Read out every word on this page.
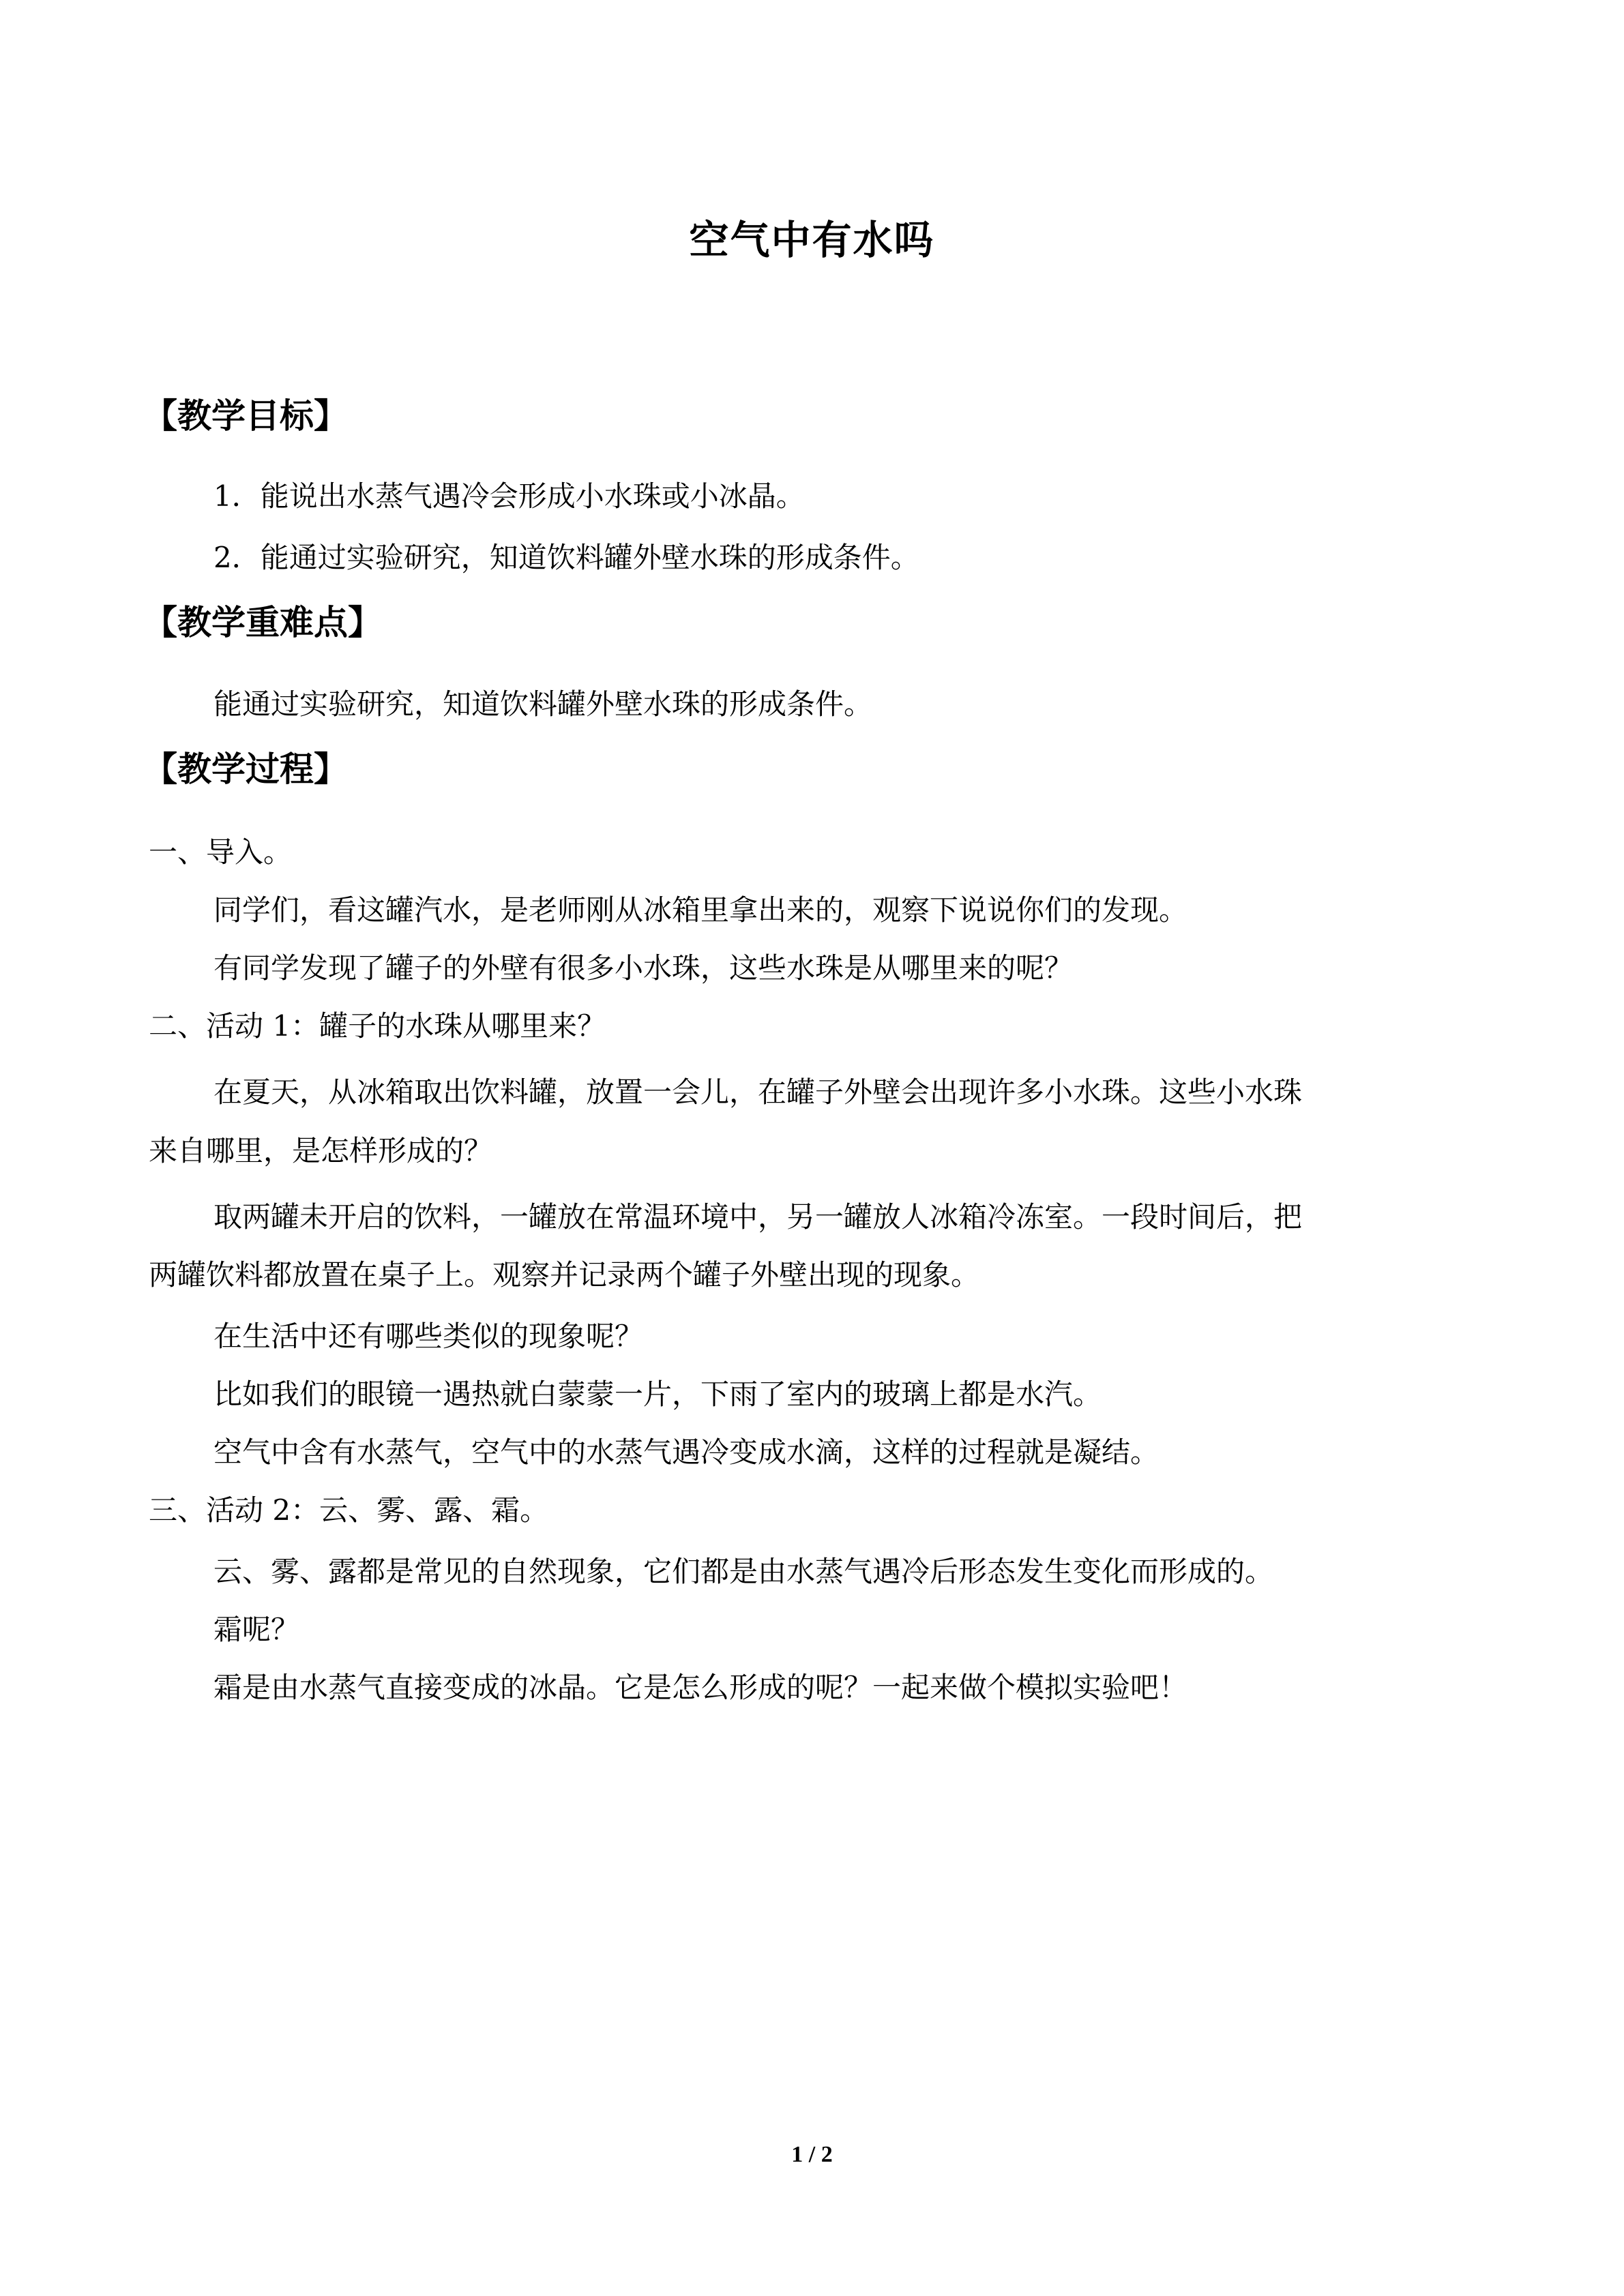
空气中有水吗
【教学目标】
1．能说出水蒸气遇冷会形成小水珠或小冰晶。
2．能通过实验研究，知道饮料罐外壁水珠的形成条件。
【教学重难点】
能通过实验研究，知道饮料罐外壁水珠的形成条件。
【教学过程】
一、导入。
同学们，看这罐汽水，是老师刚从冰箱里拿出来的，观察下说说你们的发现。
有同学发现了罐子的外壁有很多小水珠，这些水珠是从哪里来的呢？
二、活动 1：罐子的水珠从哪里来？
在夏天，从冰箱取出饮料罐，放置一会儿，在罐子外壁会出现许多小水珠。这些小水珠
来自哪里，是怎样形成的？
取两罐未开启的饮料，一罐放在常温环境中，另一罐放人冰箱冷冻室。一段时间后，把
两罐饮料都放置在桌子上。观察并记录两个罐子外壁出现的现象。
在生活中还有哪些类似的现象呢？
比如我们的眼镜一遇热就白蒙蒙一片，下雨了室内的玻璃上都是水汽。
空气中含有水蒸气，空气中的水蒸气遇冷变成水滴，这样的过程就是凝结。
三、活动 2：云、雾、露、霜。
云、雾、露都是常见的自然现象，它们都是由水蒸气遇冷后形态发生变化而形成的。
霜呢？
霜是由水蒸气直接变成的冰晶。它是怎么形成的呢？一起来做个模拟实验吧！
1 / 2
